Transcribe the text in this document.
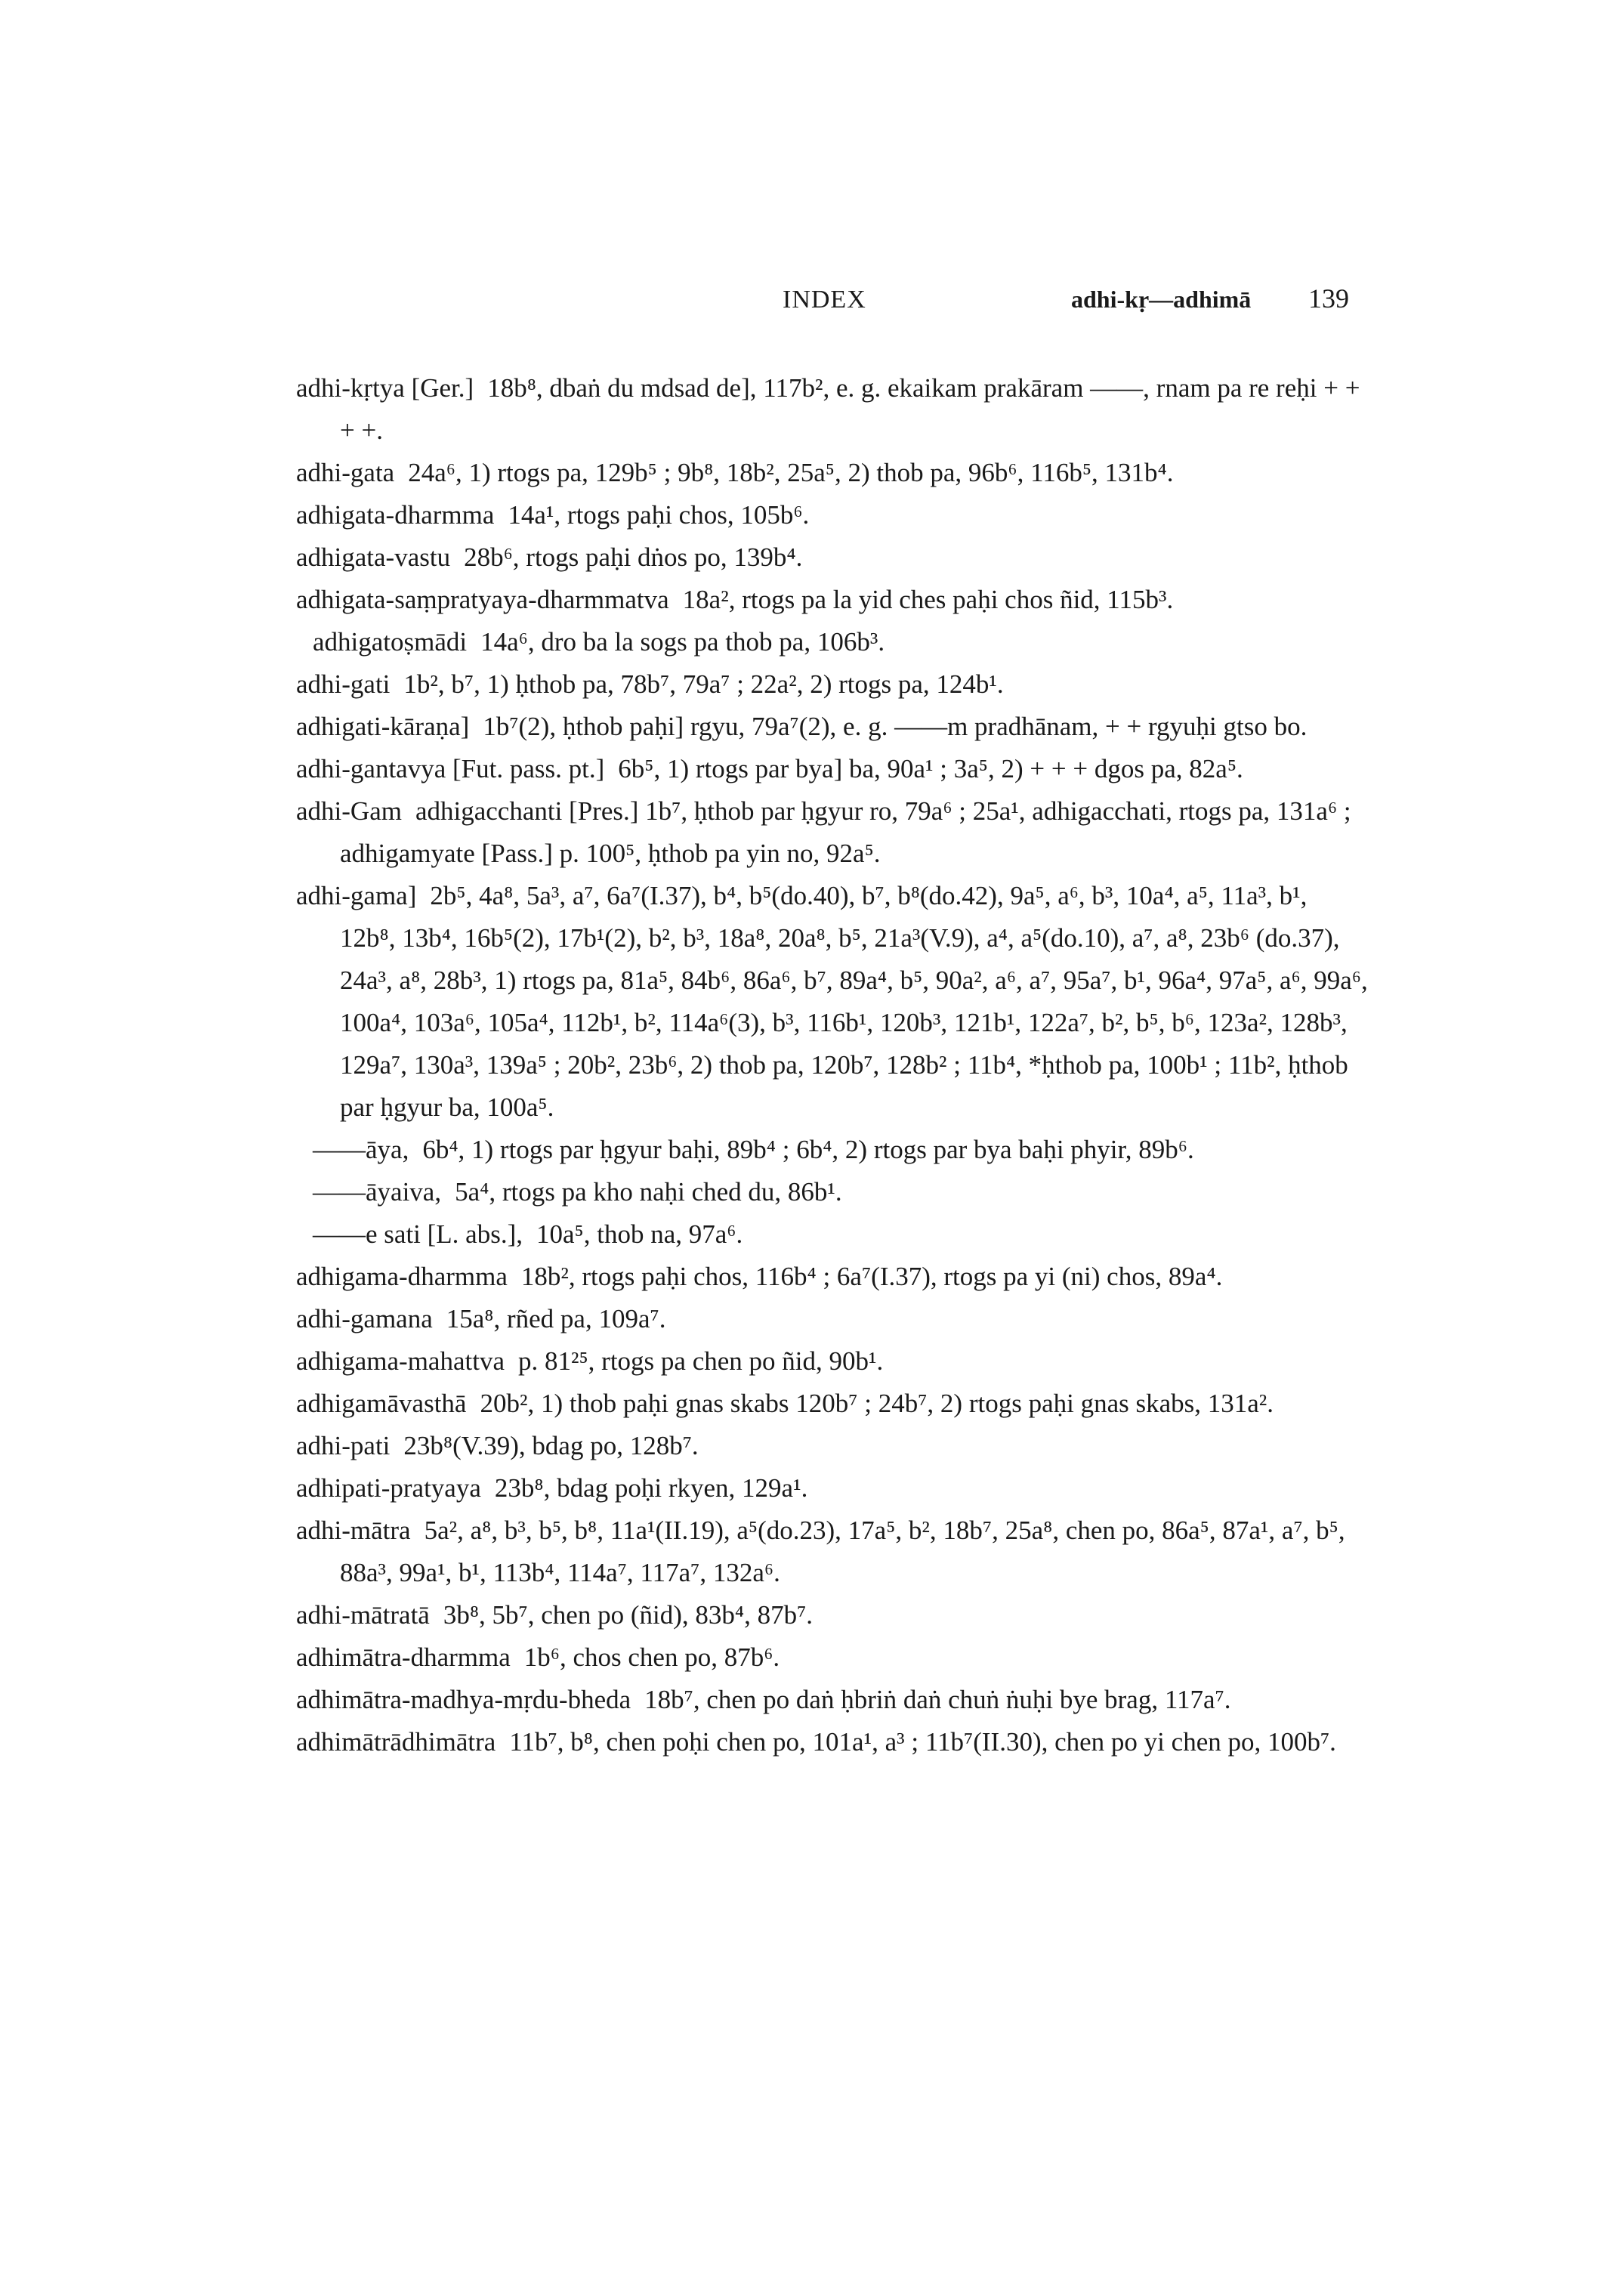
INDEX	adhi-kṛ—adhimā 139

adhi-kṛtya [Ger.] 18b⁸, dbaṅ du mdsad de], 117b², e. g. ekaikam prakāram ——, rnam pa re reḥi + + + +.

adhi-gata 24a⁶, 1) rtogs pa, 129b⁵ ; 9b⁸, 18b², 25a⁵, 2) thob pa, 96b⁶, 116b⁵, 131b⁴.

adhigata-dharmma 14a¹, rtogs paḥi chos, 105b⁶.

adhigata-vastu 28b⁶, rtogs paḥi dṅos po, 139b⁴.

adhigata-saṃpratyaya-dharmmatva 18a², rtogs pa la yid ches paḥi chos ñid, 115b³.

adhigatoṣmādi 14a⁶, dro ba la sogs pa thob pa, 106b³.

adhi-gati 1b², b⁷, 1) ḥthob pa, 78b⁷, 79a⁷ ; 22a², 2) rtogs pa, 124b¹.

adhigati-kāraṇa] 1b⁷(2), ḥthob paḥi] rgyu, 79a⁷(2), e. g. ——m pradhānam, + + rgyuḥi gtso bo.

adhi-gantavya [Fut. pass. pt.] 6b⁵, 1) rtogs par bya] ba, 90a¹ ; 3a⁵, 2) + + + dgos pa, 82a⁵.

adhi-Gam adhigacchanti [Pres.] 1b⁷, ḥthob par ḥgyur ro, 79a⁶ ; 25a¹, adhigacchati, rtogs pa, 131a⁶ ; adhigamyate [Pass.] p. 100⁵, ḥthob pa yin no, 92a⁵.

adhi-gama] 2b⁵, 4a⁸, 5a³, a⁷, 6a⁷(I.37), b⁴, b⁵(do.40), b⁷, b⁸(do.42), 9a⁵, a⁶, b³, 10a⁴, a⁵, 11a³, b¹, 12b⁸, 13b⁴, 16b⁵(2), 17b¹(2), b², b³, 18a⁸, 20a⁸, b⁵, 21a³(V.9), a⁴, a⁵(do.10), a⁷, a⁸, 23b⁶ (do.37), 24a³, a⁸, 28b³, 1) rtogs pa, 81a⁵, 84b⁶, 86a⁶, b⁷, 89a⁴, b⁵, 90a², a⁶, a⁷, 95a⁷, b¹, 96a⁴, 97a⁵, a⁶, 99a⁶, 100a⁴, 103a⁶, 105a⁴, 112b¹, b², 114a⁶(3), b³, 116b¹, 120b³, 121b¹, 122a⁷, b², b⁵, b⁶, 123a², 128b³, 129a⁷, 130a³, 139a⁵ ; 20b², 23b⁶, 2) thob pa, 120b⁷, 128b² ; 11b⁴, *ḥthob pa, 100b¹ ; 11b², ḥthob par ḥgyur ba, 100a⁵.

——āya, 6b⁴, 1) rtogs par ḥgyur baḥi, 89b⁴ ; 6b⁴, 2) rtogs par bya baḥi phyir, 89b⁶.

——āyaiva, 5a⁴, rtogs pa kho naḥi ched du, 86b¹.

——e sati [L. abs.], 10a⁵, thob na, 97a⁶.

adhigama-dharmma 18b², rtogs paḥi chos, 116b⁴ ; 6a⁷(I.37), rtogs pa yi (ni) chos, 89a⁴.

adhi-gamana 15a⁸, rñed pa, 109a⁷.

adhigama-mahattva p. 81²⁵, rtogs pa chen po ñid, 90b¹.

adhigamāvasthā 20b², 1) thob paḥi gnas skabs 120b⁷ ; 24b⁷, 2) rtogs paḥi gnas skabs, 131a².

adhi-pati 23b⁸(V.39), bdag po, 128b⁷.

adhipati-pratyaya 23b⁸, bdag poḥi rkyen, 129a¹.

adhi-mātra 5a², a⁸, b³, b⁵, b⁸, 11a¹(II.19), a⁵(do.23), 17a⁵, b², 18b⁷, 25a⁸, chen po, 86a⁵, 87a¹, a⁷, b⁵, 88a³, 99a¹, b¹, 113b⁴, 114a⁷, 117a⁷, 132a⁶.

adhi-mātratā 3b⁸, 5b⁷, chen po (ñid), 83b⁴, 87b⁷.

adhimātra-dharmma 1b⁶, chos chen po, 87b⁶.

adhimātra-madhya-mṛdu-bheda 18b⁷, chen po daṅ ḥbriṅ daṅ chuṅ ṅuḥi bye brag, 117a⁷.

adhimātrādhimātra 11b⁷, b⁸, chen poḥi chen po, 101a¹, a³ ; 11b⁷(II.30), chen po yi chen po, 100b⁷.
